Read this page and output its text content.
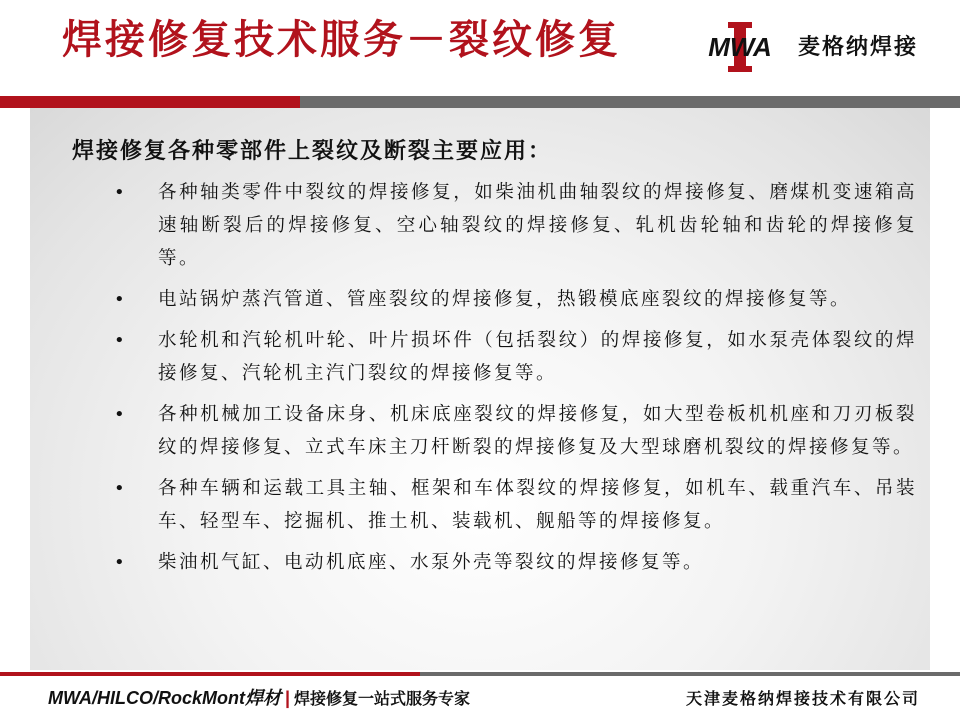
焊接修复技术服务－裂纹修复	MWA 麦格纳焊接
焊接修复各种零部件上裂纹及断裂主要应用：
• 各种轴类零件中裂纹的焊接修复，如柴油机曲轴裂纹的焊接修复、磨煤机变速箱高速轴断裂后的焊接修复、空心轴裂纹的焊接修复、轧机齿轮轴和齿轮的焊接修复等。
• 电站锅炉蒸汽管道、管座裂纹的焊接修复，热锻模底座裂纹的焊接修复等。
• 水轮机和汽轮机叶轮、叶片损坏件（包括裂纹）的焊接修复，如水泵壳体裂纹的焊接修复、汽轮机主汽门裂纹的焊接修复等。
• 各种机械加工设备床身、机床底座裂纹的焊接修复，如大型卷板机机座和刀刃板裂纹的焊接修复、立式车床主刀杆断裂的焊接修复及大型球磨机裂纹的焊接修复等。
• 各种车辆和运载工具主轴、框架和车体裂纹的焊接修复，如机车、载重汽车、吊装车、轻型车、挖掘机、推土机、装载机、舰船等的焊接修复。
• 柴油机气缸、电动机底座、水泵外壳等裂纹的焊接修复等。
MWA/HILCO/RockMont焊材 | 焊接修复一站式服务专家	天津麦格纳焊接技术有限公司
